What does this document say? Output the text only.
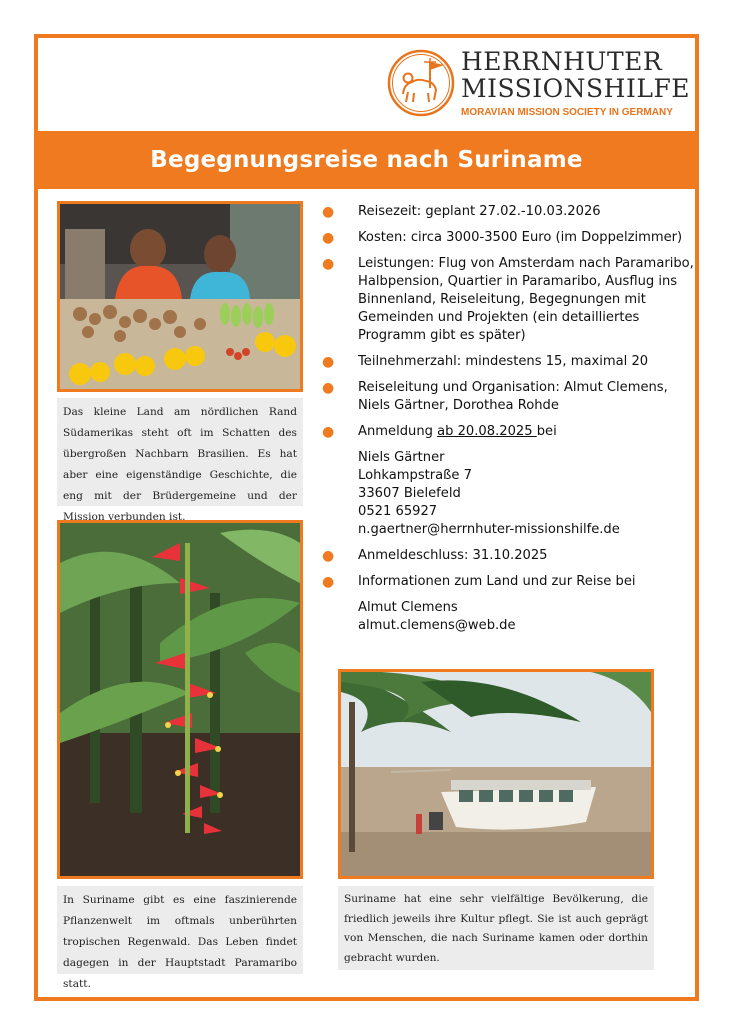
HERRNHUTER
MISSIONSHILFE
MORAVIAN MISSION SOCIETY IN GERMANY
Begegnungsreise nach Suriname
Das kleine Land am nördlichen Rand Südamerikas steht oft im Schatten des übergroßen Nachbarn Brasilien. Es hat aber eine eigenständige Geschichte, die eng mit der Brüdergemeine und der Mission verbunden ist.
In Suriname gibt es eine faszinierende Pflanzenwelt im oftmals unberührten tropischen Regenwald. Das Leben findet dagegen in der Hauptstadt Paramaribo statt.
Suriname hat eine sehr vielfältige Bevölkerung, die friedlich jeweils ihre Kultur pflegt. Sie ist auch geprägt von Menschen, die nach Suriname kamen oder dorthin gebracht wurden.
● Reisezeit: geplant 27.02.-10.03.2026
● Kosten: circa 3000-3500 Euro (im Doppelzimmer)
● Leistungen: Flug von Amsterdam nach Paramaribo, Halbpension, Quartier in Paramaribo, Ausflug ins Binnenland, Reiseleitung, Begegnungen mit Gemeinden und Projekten (ein detailliertes Programm gibt es später)
● Teilnehmerzahl: mindestens 15, maximal 20
● Reiseleitung und Organisation: Almut Clemens, Niels Gärtner, Dorothea Rohde
● Anmeldung ab 20.08.2025 bei
Niels Gärtner
Lohkampstraße 7
33607 Bielefeld
0521 65927
n.gaertner@herrnhuter-missionshilfe.de
● Anmeldeschluss: 31.10.2025
● Informationen zum Land und zur Reise bei
Almut Clemens
almut.clemens@web.de
